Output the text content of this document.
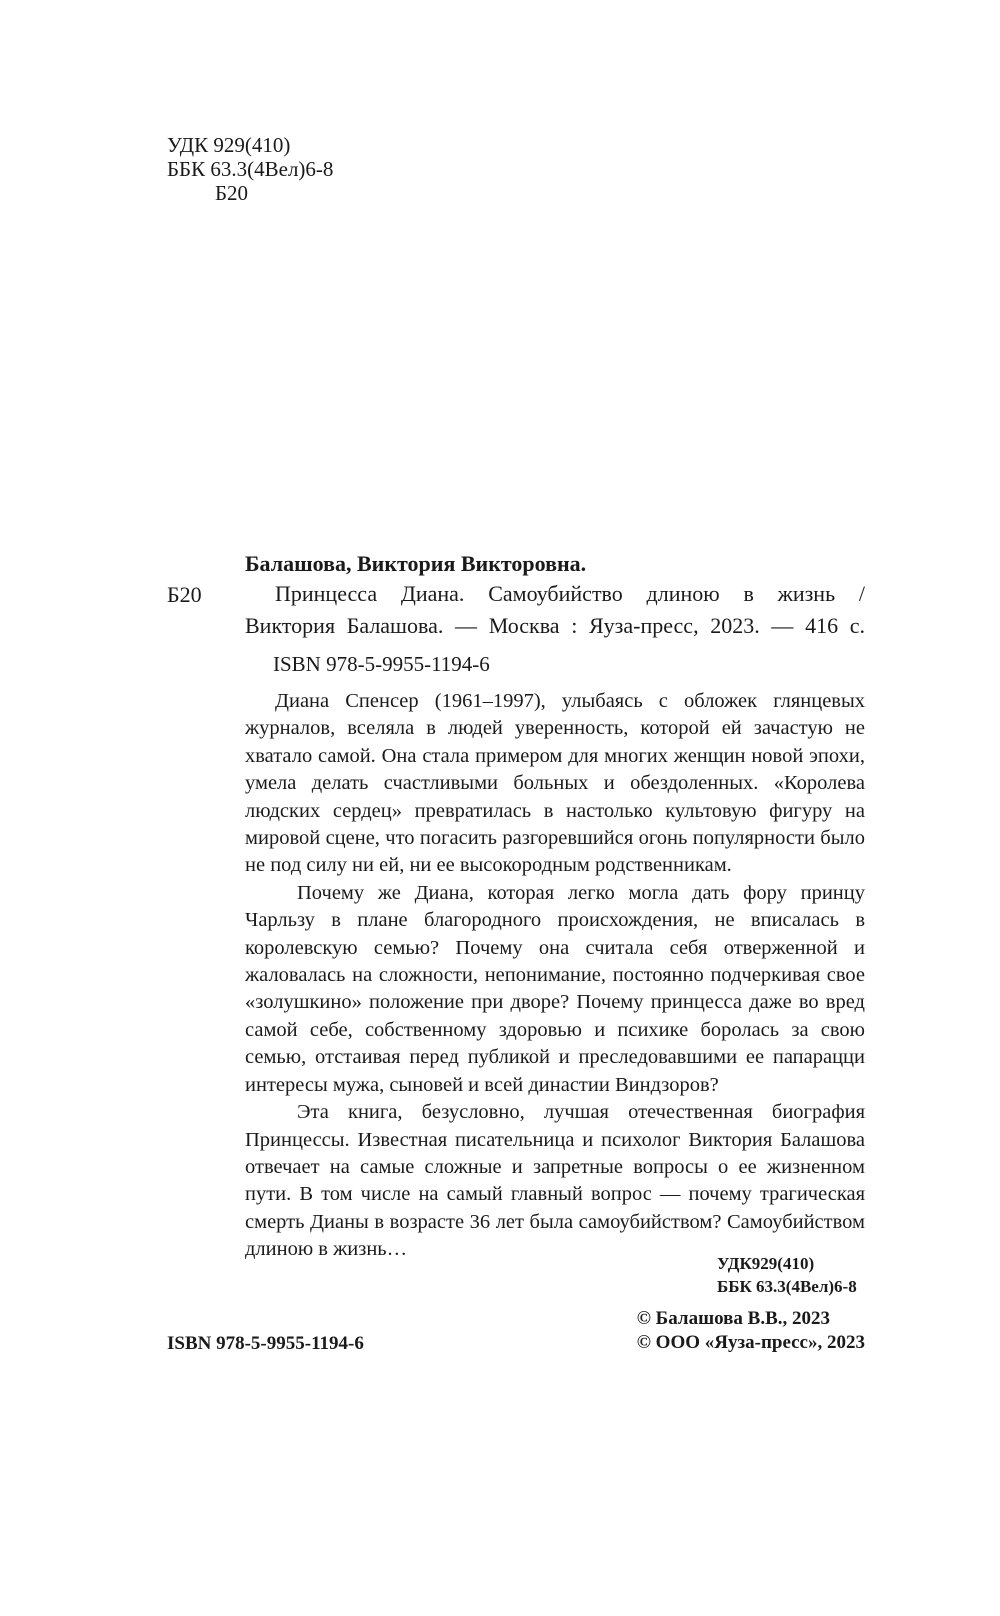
УДК 929(410)
ББК 63.3(4Вел)6-8
Б20
Балашова, Виктория Викторовна.
Б20	Принцесса Диана. Самоубийство длиною в жизнь /
Виктория Балашова. — Москва : Яуза-пресс, 2023. — 416 с.
ISBN 978-5-9955-1194-6

Диана Спенсер (1961–1997), улыбаясь с обложек глянцевых журналов, вселяла в людей уверенность, которой ей зачастую не хватало самой. Она стала примером для многих женщин новой эпохи, умела делать счастливыми больных и обездоленных. «Королева людских сердец» превратилась в настолько культовую фигуру на мировой сцене, что погасить разгоревшийся огонь популярности было не под силу ни ей, ни ее высокородным родственникам.

Почему же Диана, которая легко могла дать фору принцу Чарльзу в плане благородного происхождения, не вписалась в королевскую семью? Почему она считала себя отверженной и жаловалась на сложности, непонимание, постоянно подчеркивая свое «золушкино» положение при дворе? Почему принцесса даже во вред самой себе, собственному здоровью и психике боролась за свою семью, отстаивая перед публикой и преследовавшими ее папарацци интересы мужа, сыновей и всей династии Виндзоров?

Эта книга, безусловно, лучшая отечественная биография Принцессы. Известная писательница и психолог Виктория Балашова отвечает на самые сложные и запретные вопросы о ее жизненном пути. В том числе на самый главный вопрос — почему трагическая смерть Дианы в возрасте 36 лет была самоубийством? Самоубийством длиною в жизнь…

УДК929(410)
ББК 63.3(4Вел)6-8
ISBN 978-5-9955-1194-6
© Балашова В.В., 2023
© ООО «Яуза-пресс», 2023
